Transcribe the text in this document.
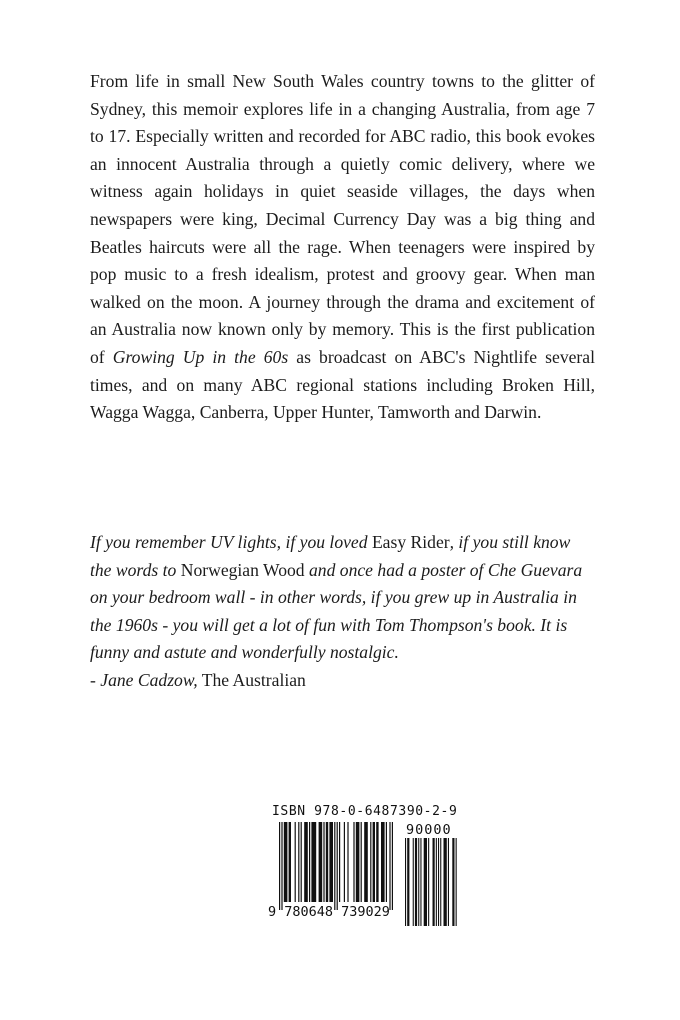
From life in small New South Wales country towns to the glitter of Sydney, this memoir explores life in a changing Australia, from age 7 to 17. Especially written and recorded for ABC radio, this book evokes an innocent Australia through a quietly comic delivery, where we witness again holidays in quiet seaside villages, the days when newspapers were king, Decimal Currency Day was a big thing and Beatles haircuts were all the rage. When teenagers were inspired by pop music to a fresh idealism, protest and groovy gear. When man walked on the moon. A journey through the drama and excitement of an Australia now known only by memory. This is the first publication of Growing Up in the 60s as broadcast on ABC's Nightlife several times, and on many ABC regional stations including Broken Hill, Wagga Wagga, Canberra, Upper Hunter, Tamworth and Darwin.

If you remember UV lights, if you loved Easy Rider, if you still know the words to Norwegian Wood and once had a poster of Che Guevara on your bedroom wall - in other words, if you grew up in Australia in the 1960s - you will get a lot of fun with Tom Thompson's book. It is funny and astute and wonderfully nostalgic.
- Jane Cadzow, The Australian

ISBN 978-0-6487390-2-9
9 780648 739029
90000
